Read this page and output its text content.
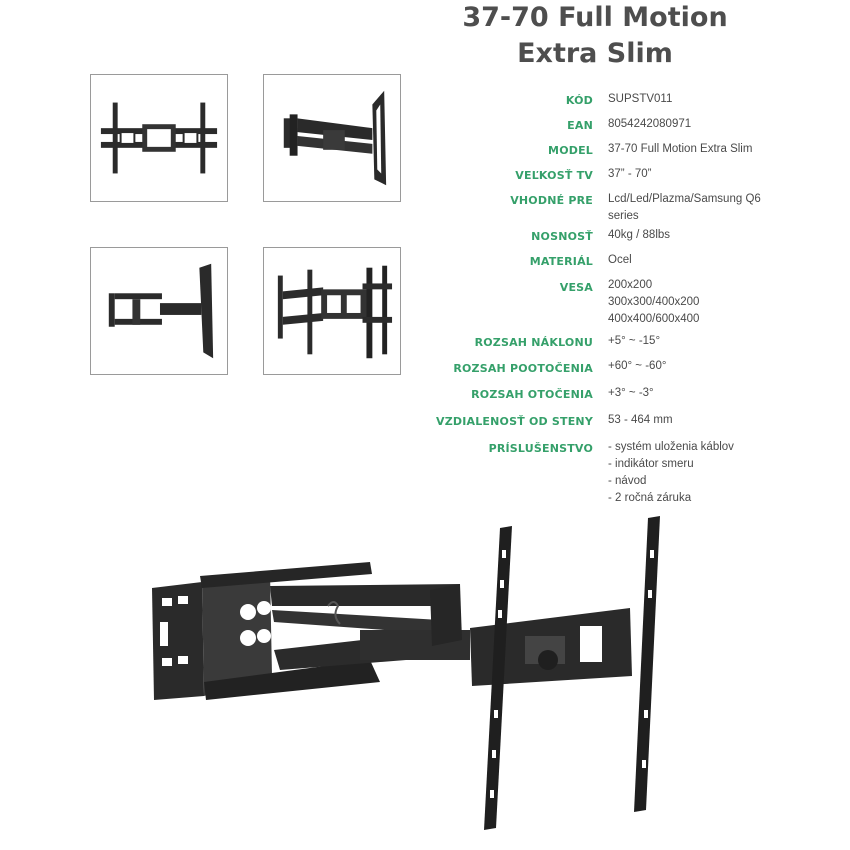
37-70 Full Motion
Extra Slim
KÓD SUPSTV011
EAN 8054242080971
MODEL 37-70 Full Motion Extra Slim
VEĽKOSŤ TV 37” - 70”
VHODNÉ PRE Lcd/Led/Plazma/Samsung Q6
series
NOSNOSŤ 40kg / 88lbs
MATERIÁL Ocel
VESA 200x200
300x300/400x200
400x400/600x400
ROZSAH NÁKLONU +5° ~ -15°
ROZSAH POOTOČENIA +60° ~ -60°
ROZSAH OTOČENIA +3° ~ -3°
VZDIALENOSŤ OD STENY 53 - 464 mm
PRÍSLUŠENSTVO - systém uloženia káblov
- indikátor smeru
- návod
- 2 ročná záruka
